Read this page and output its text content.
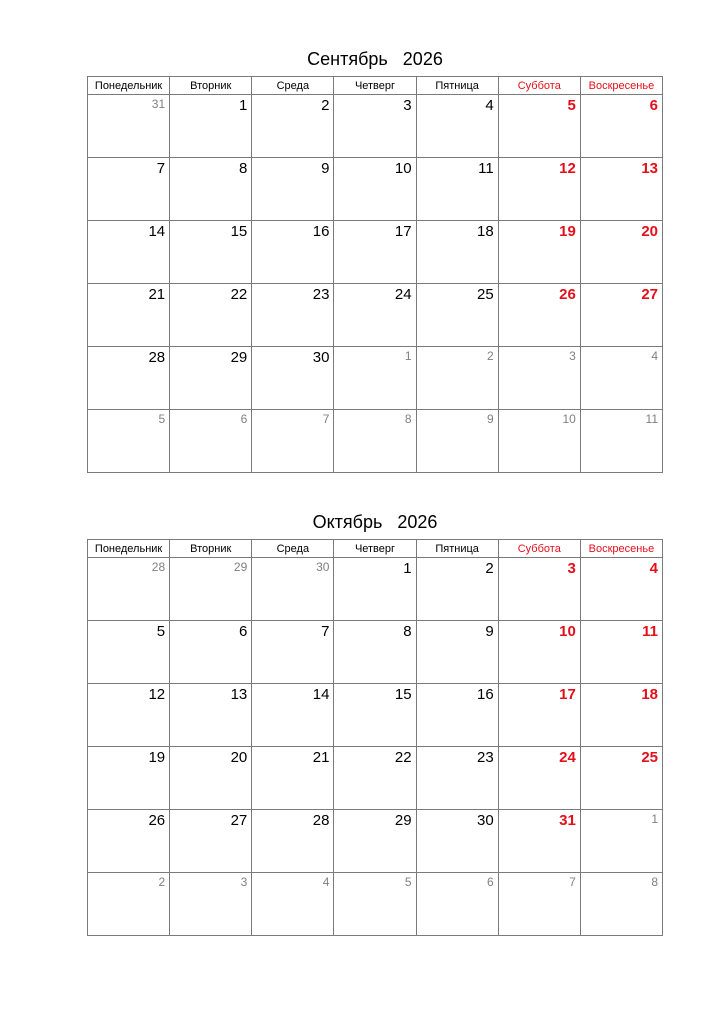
Сентябрь 2026
Понедельник	Вторник	Среда	Четверг	Пятница	Суббота	Воскресенье

31	1	2	3	4	5	6

7	8	9	10	11	12	13

14	15	16	17	18	19	20

21	22	23	24	25	26	27

28	29	30	1	2	3	4

5	6	7	8	9	10	11
Октябрь 2026
Понедельник	Вторник	Среда	Четверг	Пятница	Суббота	Воскресенье

28	29	30	1	2	3	4

5	6	7	8	9	10	11

12	13	14	15	16	17	18

19	20	21	22	23	24	25

26	27	28	29	30	31	1

2	3	4	5	6	7	8
